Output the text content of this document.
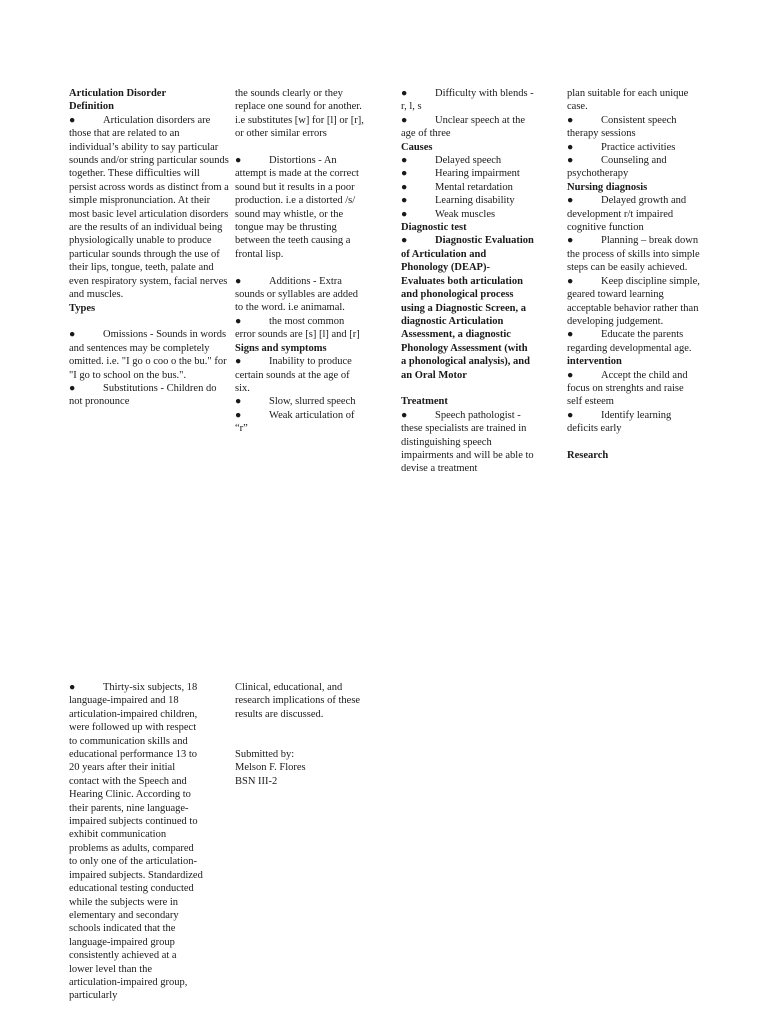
Articulation Disorder

Definition

●	Articulation disorders are those that are related to an individual’s ability to say particular sounds and/or string particular sounds together. These difficulties will persist across words as distinct from a simple mispronunciation. At their most basic level articulation disorders are the results of an individual being physiologically unable to produce particular sounds through the use of their lips, tongue, teeth, palate and even respiratory system, facial nerves and muscles.

Types

●	Omissions - Sounds in words and sentences may be completely omitted. i.e. "I go o coo o the bu." for "I go to school on the bus.".

●	Substitutions - Children do not pronounce

the sounds clearly or they replace one sound for another. i.e substitutes [w] for [l] or [r], or other similar errors

●	Distortions - An attempt is made at the correct sound but it results in a poor production. i.e a distorted /s/ sound may whistle, or the tongue may be thrusting between the teeth causing a frontal lisp.

●	Additions - Extra sounds or syllables are added to the word. i.e animamal.

●	the most common error sounds are [s] [l] and [r]

Signs and symptoms

●	Inability to produce certain sounds at the age of six.

●	Slow, slurred speech

●	Weak articulation of “r”

●	Difficulty with blends - r, l, s

●	Unclear speech at the age of three

Causes

●	Delayed speech

●	Hearing impairment

●	Mental retardation

●	Learning disability

●	Weak muscles

Diagnostic test

●	Diagnostic Evaluation of Articulation and Phonology (DEAP)- Evaluates both articulation and phonological process using a Diagnostic Screen, a diagnostic Articulation Assessment, a diagnostic Phonology Assessment (with a phonological analysis), and an Oral Motor

Treatment

●	Speech pathologist - these specialists are trained in distinguishing speech impairments and will be able to devise a treatment

plan suitable for each unique case.

●	Consistent speech therapy sessions

●	Practice activities

●	Counseling and psychotherapy

Nursing diagnosis

●	Delayed growth and development r/t impaired cognitive function

●	Planning – break down the process of skills into simple steps can be easily achieved.

●	Keep discipline simple, geared toward learning acceptable behavior rather than developing judgement.

●	Educate the parents regarding developmental age.

intervention

●	Accept the child and focus on strenghts and raise self esteem

●	Identify learning deficits early

Research

●	Thirty-six subjects, 18 language-impaired and 18 articulation-impaired children, were followed up with respect to communication skills and educational performance 13 to 20 years after their initial contact with the Speech and Hearing Clinic. According to their parents, nine language-impaired subjects continued to exhibit communication problems as adults, compared to only one of the articulation-impaired subjects. Standardized educational testing conducted while the subjects were in elementary and secondary schools indicated that the language-impaired group consistently achieved at a lower level than the articulation-impaired group, particularly

Clinical, educational, and research implications of these results are discussed.

Submitted by:

Melson F. Flores

BSN III-2
